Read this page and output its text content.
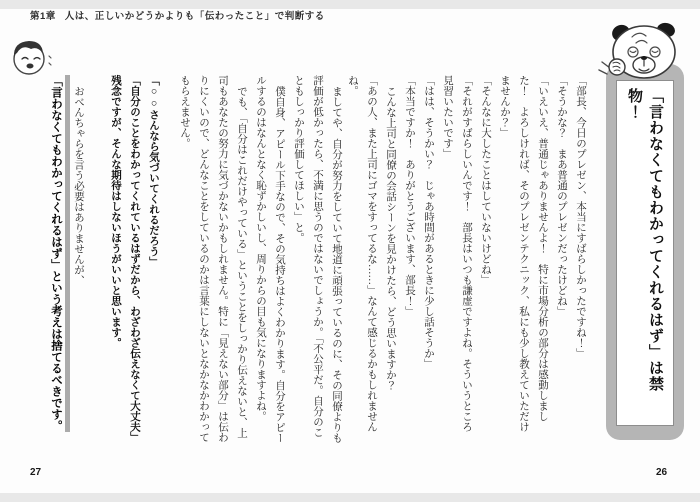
第1章 人は、正しいかどうかよりも「伝わったこと」で判断する

「部長、今日のプレゼン、本当にすばらしかったですね！」

「そうかな？　まあ普通のプレゼンだったけどね」

「いえいえ、普通じゃありませんよ！　特に市場分析の部分は感動しました！　よろしければ、そのプレゼンテクニック、私にも少し教えていただけませんか？」

「そんなに大したことはしていないけどね」

「それがすばらしいんです！　部長はいつも謙虚ですよね。そういうところ見習いたいです」

「はは、そうかい？　じゃあ時間があるときに少し話そうか」

「本当ですか！　ありがとうございます、部長！」

こんな上司と同僚の会話シーンを見かけたら、どう思いますか？

「あの人、また上司にゴマをすってるな……」なんて感じるかもしれませんね。

ましてや、自分が努力をしていて地道に頑張っているのに、その同僚よりも評価が低かったら、不満に思うのではないでしょうか。「不公平だ。自分のこともしっかり評価してほしい」と。

僕自身、アピール下手なので、その気持ちはよくわかります。自分をアピールするのはなんとなく恥ずかしいし、周りからの目も気になりますよね。

でも、「自分はこれだけやっている」ということをしっかり伝えないと、上司もあなたの努力に気づかないかもしれません。特に「見えない部分」は伝わりにくいので、どんなことをしているのかは言葉にしないとなかなかわかってもらえません。

「○○さんなら気づいてくれるだろう」

「自分のことをわかってくれているはずだから、わざわざ伝えなくて大丈夫」

残念ですが、そんな期待はしないほうがいいと思います。

おべんちゃらを言う必要はありませんが、

「言わなくてもわかってくれるはず」という考えは捨てるべきです。	「言わなくてもわかってくれるはず」は禁物！
27	26
